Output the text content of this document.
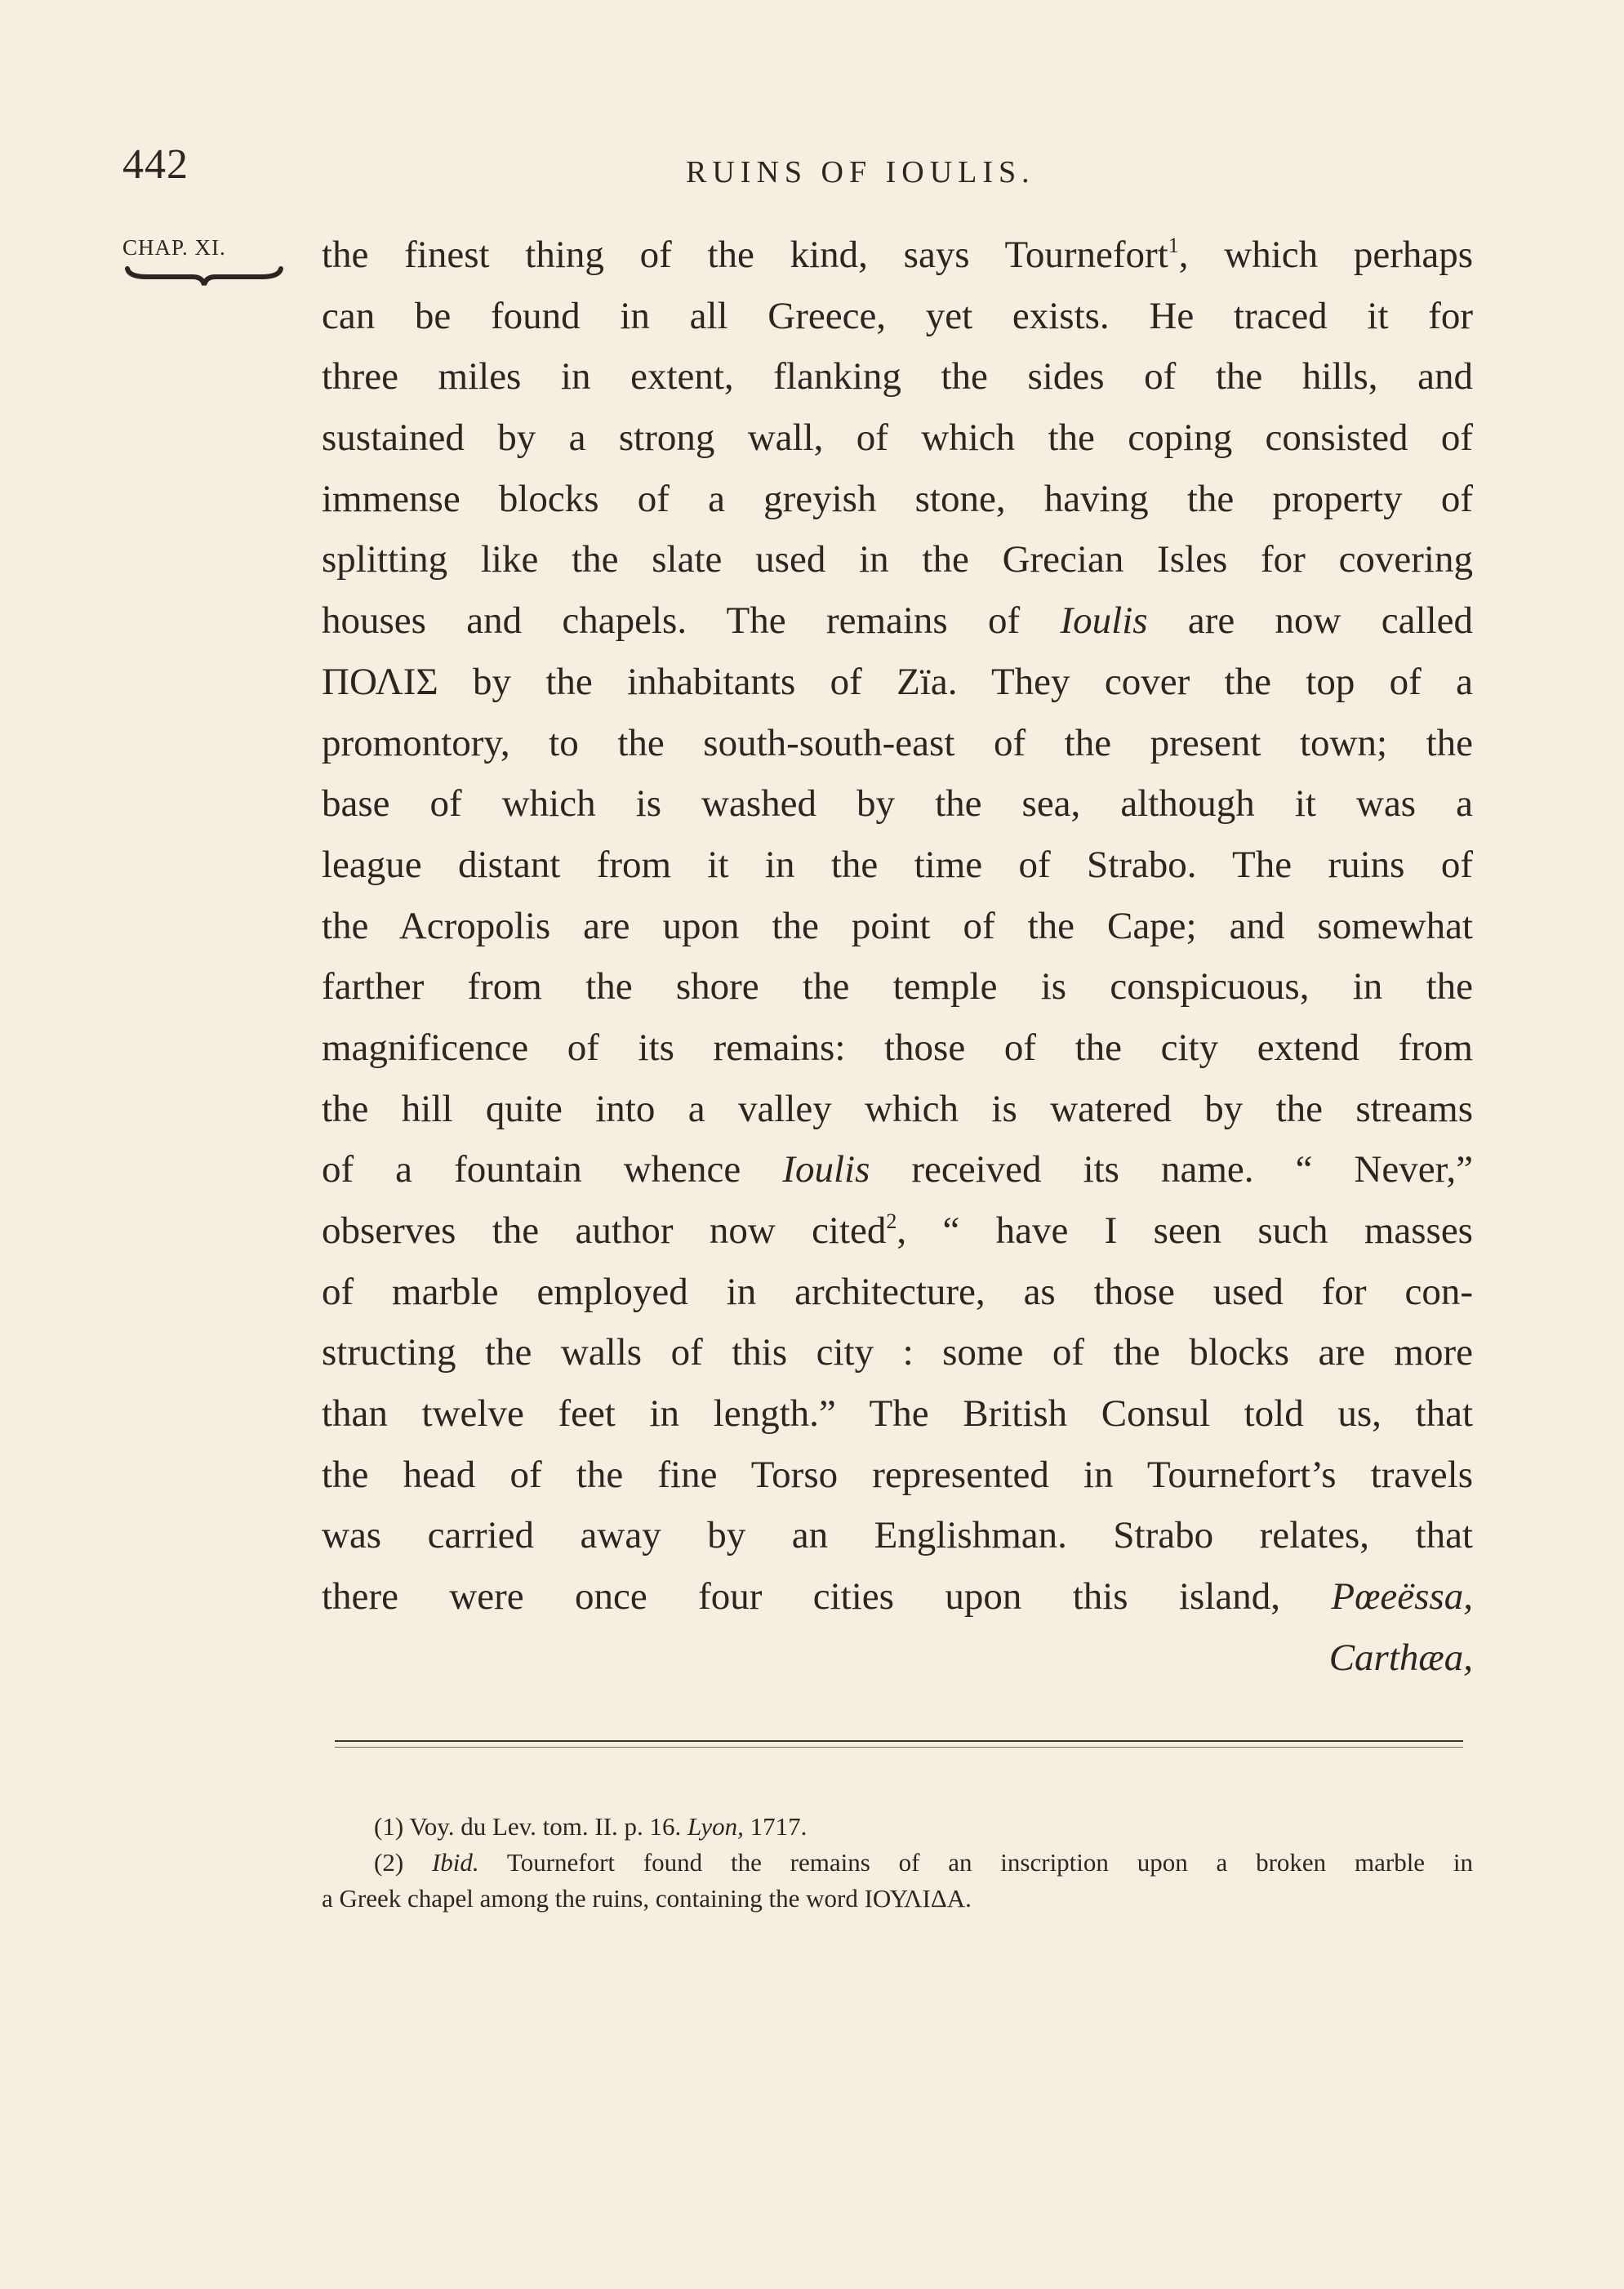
442	RUINS OF IOULIS.
CHAP. XI.	the finest thing of the kind, says Tournefort$^1$, which perhaps
can be found in all Greece, yet exists. He traced it for
three miles in extent, flanking the sides of the hills, and
sustained by a strong wall, of which the coping consisted of
immense blocks of a greyish stone, having the property of
splitting like the slate used in the Grecian Isles for covering
houses and chapels. The remains of Ioulis are now called
ΠΟΛΙΣ by the inhabitants of Zïa. They cover the top of a
promontory, to the south-south-east of the present town; the
base of which is washed by the sea, although it was a
league distant from it in the time of Strabo. The ruins of
the Acropolis are upon the point of the Cape; and somewhat
farther from the shore the temple is conspicuous, in the
magnificence of its remains: those of the city extend from
the hill quite into a valley which is watered by the streams
of a fountain whence Ioulis received its name. “ Never,”
observes the author now cited$^2$, “ have I seen such masses
of marble employed in architecture, as those used for con-
structing the walls of this city : some of the blocks are more
than twelve feet in length.” The British Consul told us, that
the head of the fine Torso represented in Tournefort’s travels
was carried away by an Englishman. Strabo relates, that
there were once four cities upon this island, Pœeëssa,
Carthæa,
(1) Voy. du Lev. tom. II. p. 16. Lyon, 1717.
(2) Ibid. Tournefort found the remains of an inscription upon a broken marble in
a Greek chapel among the ruins, containing the word ΙΟΥΛΙΔΑ.
